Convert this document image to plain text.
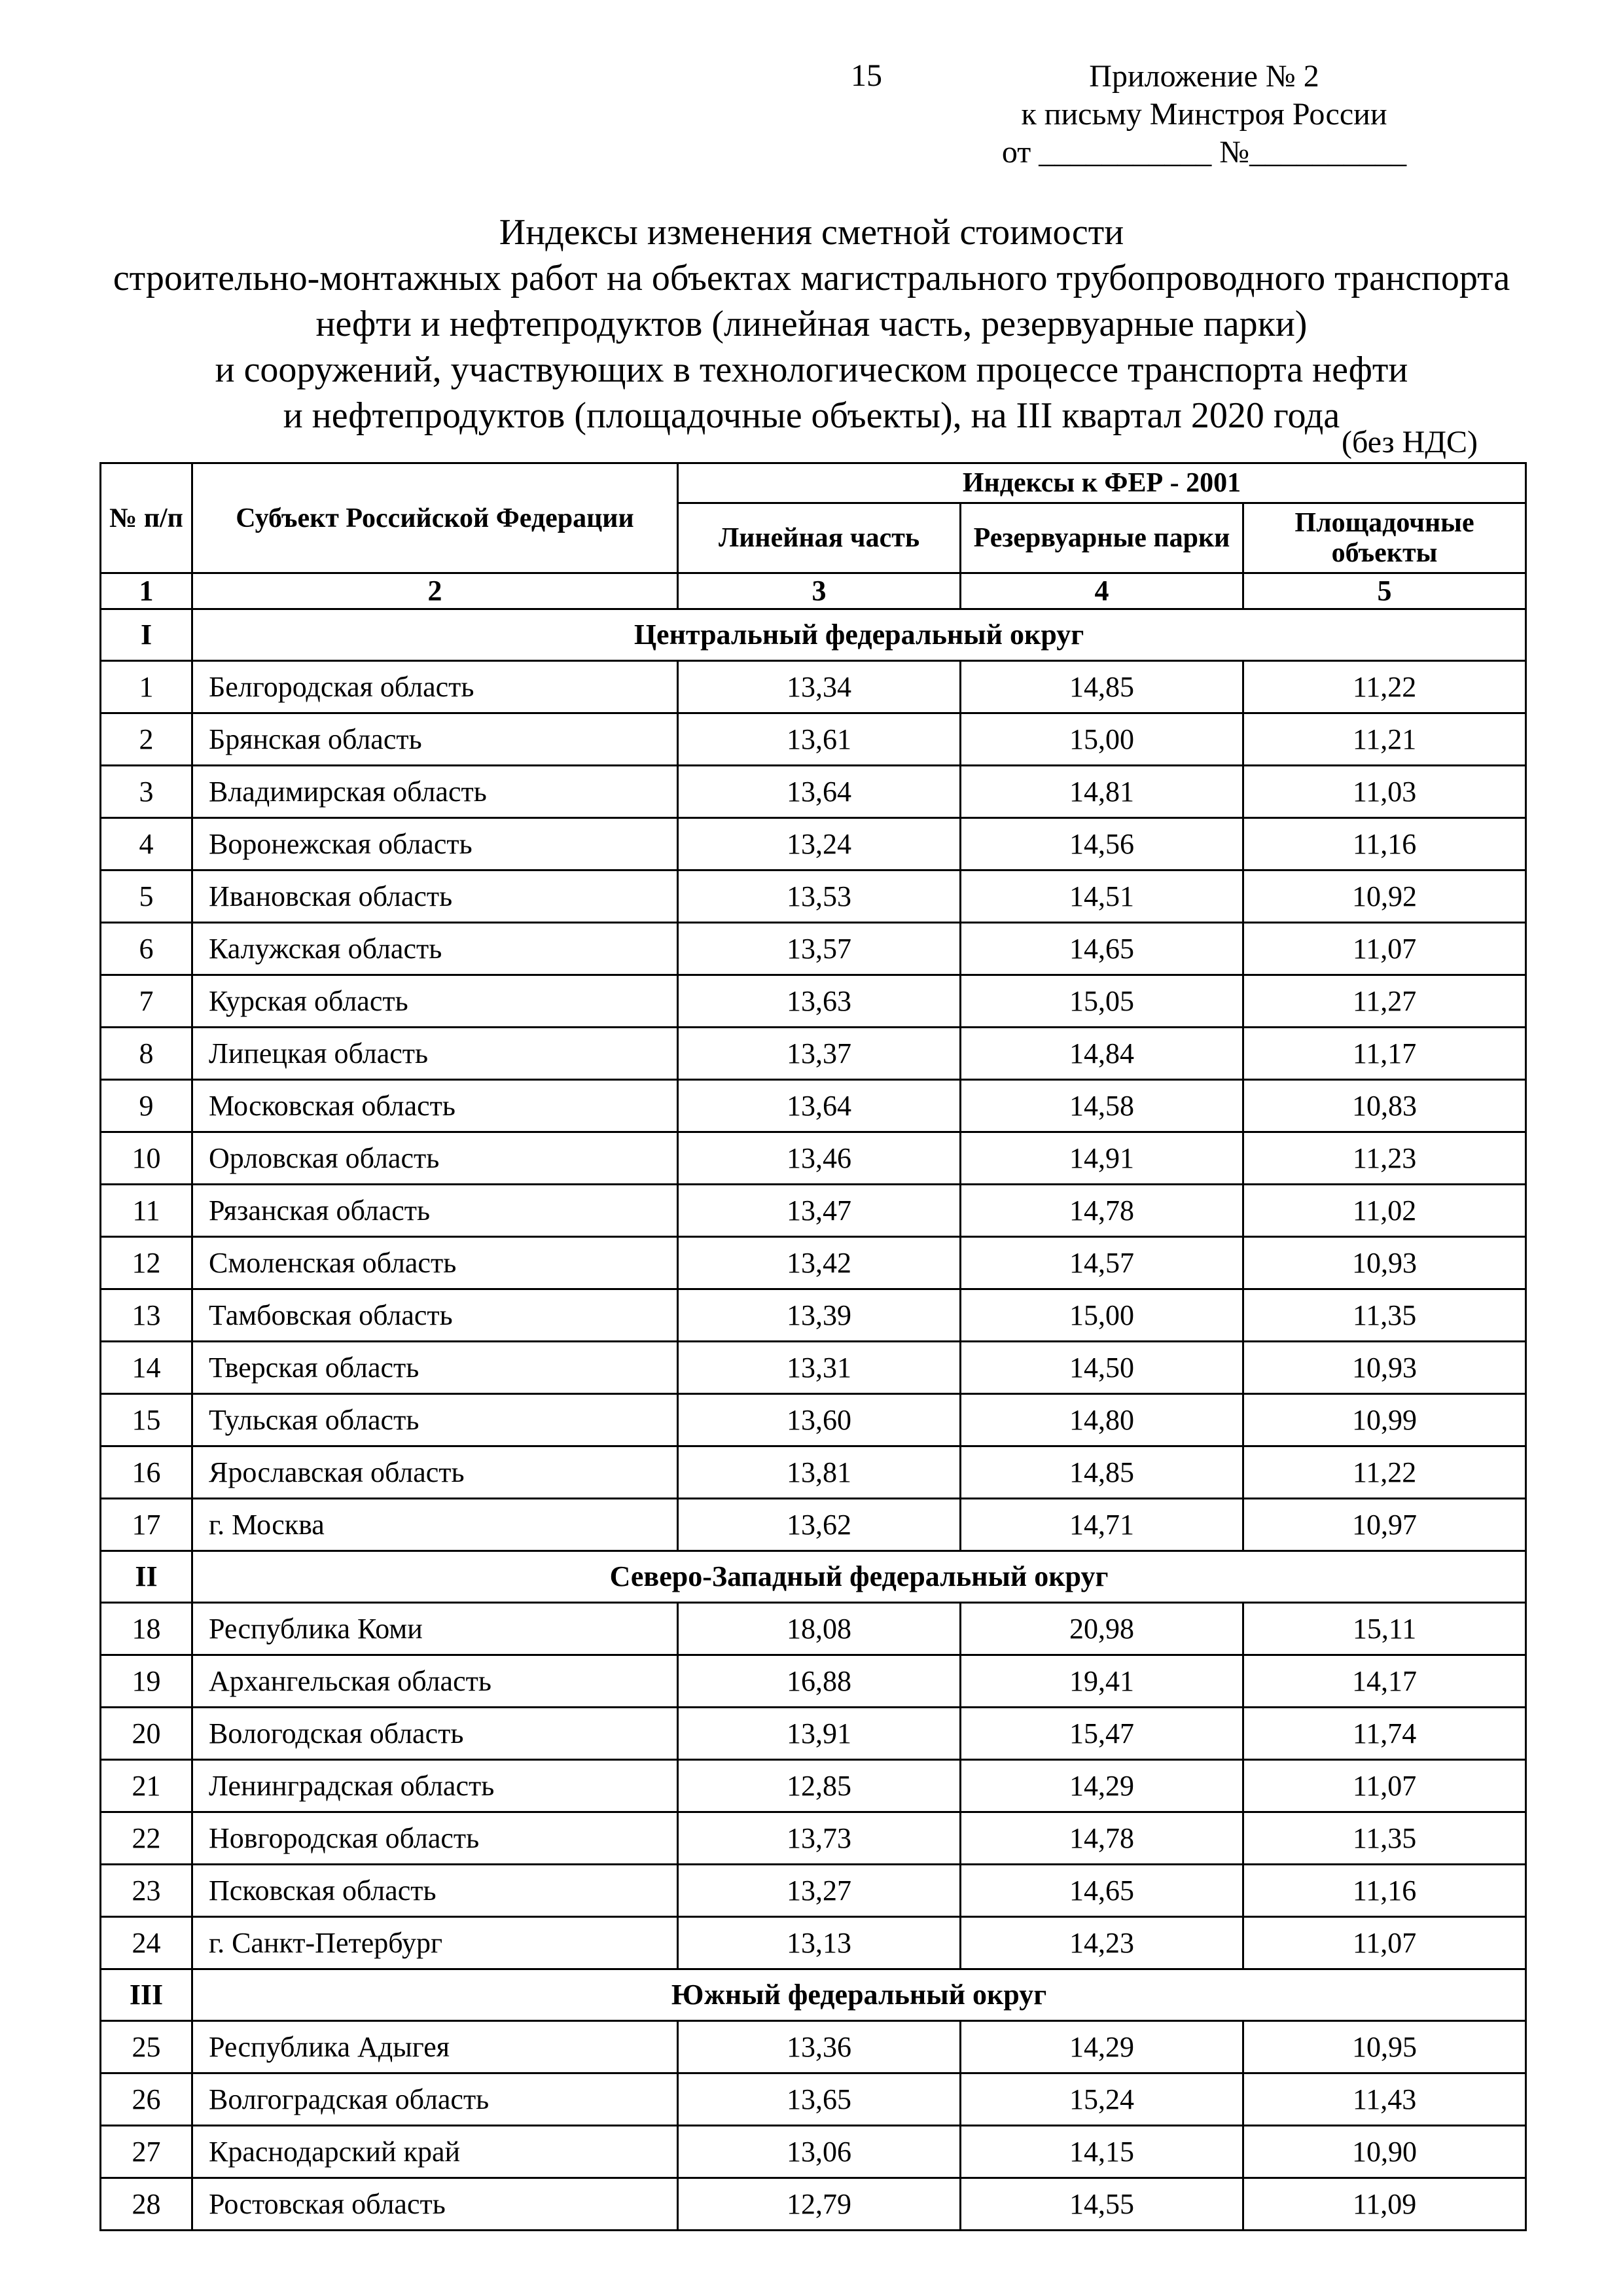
15	Приложение № 2
к письму Минстроя России
от ___________ №__________
Индексы изменения сметной стоимости
строительно-монтажных работ на объектах магистрального трубопроводного транспорта
нефти и нефтепродуктов (линейная часть, резервуарные парки)
и сооружений, участвующих в технологическом процессе транспорта нефти
и нефтепродуктов (площадочные объекты), на III квартал 2020 года
(без НДС)
№ п/п	Субъект Российской Федерации	Индексы к ФЕР - 2001		
		Линейная часть	Резервуарные парки	Площадочные объекты
1	2	3	4	5
I	Центральный федеральный округ			
1	Белгородская область	13,34	14,85	11,22
2	Брянская область	13,61	15,00	11,21
3	Владимирская область	13,64	14,81	11,03
4	Воронежская область	13,24	14,56	11,16
5	Ивановская область	13,53	14,51	10,92
6	Калужская область	13,57	14,65	11,07
7	Курская область	13,63	15,05	11,27
8	Липецкая область	13,37	14,84	11,17
9	Московская область	13,64	14,58	10,83
10	Орловская область	13,46	14,91	11,23
11	Рязанская область	13,47	14,78	11,02
12	Смоленская область	13,42	14,57	10,93
13	Тамбовская область	13,39	15,00	11,35
14	Тверская область	13,31	14,50	10,93
15	Тульская область	13,60	14,80	10,99
16	Ярославская область	13,81	14,85	11,22
17	г. Москва	13,62	14,71	10,97
II	Северо-Западный федеральный округ			
18	Республика Коми	18,08	20,98	15,11
19	Архангельская область	16,88	19,41	14,17
20	Вологодская область	13,91	15,47	11,74
21	Ленинградская область	12,85	14,29	11,07
22	Новгородская область	13,73	14,78	11,35
23	Псковская область	13,27	14,65	11,16
24	г. Санкт-Петербург	13,13	14,23	11,07
III	Южный федеральный округ			
25	Республика Адыгея	13,36	14,29	10,95
26	Волгоградская область	13,65	15,24	11,43
27	Краснодарский край	13,06	14,15	10,90
28	Ростовская область	12,79	14,55	11,09
